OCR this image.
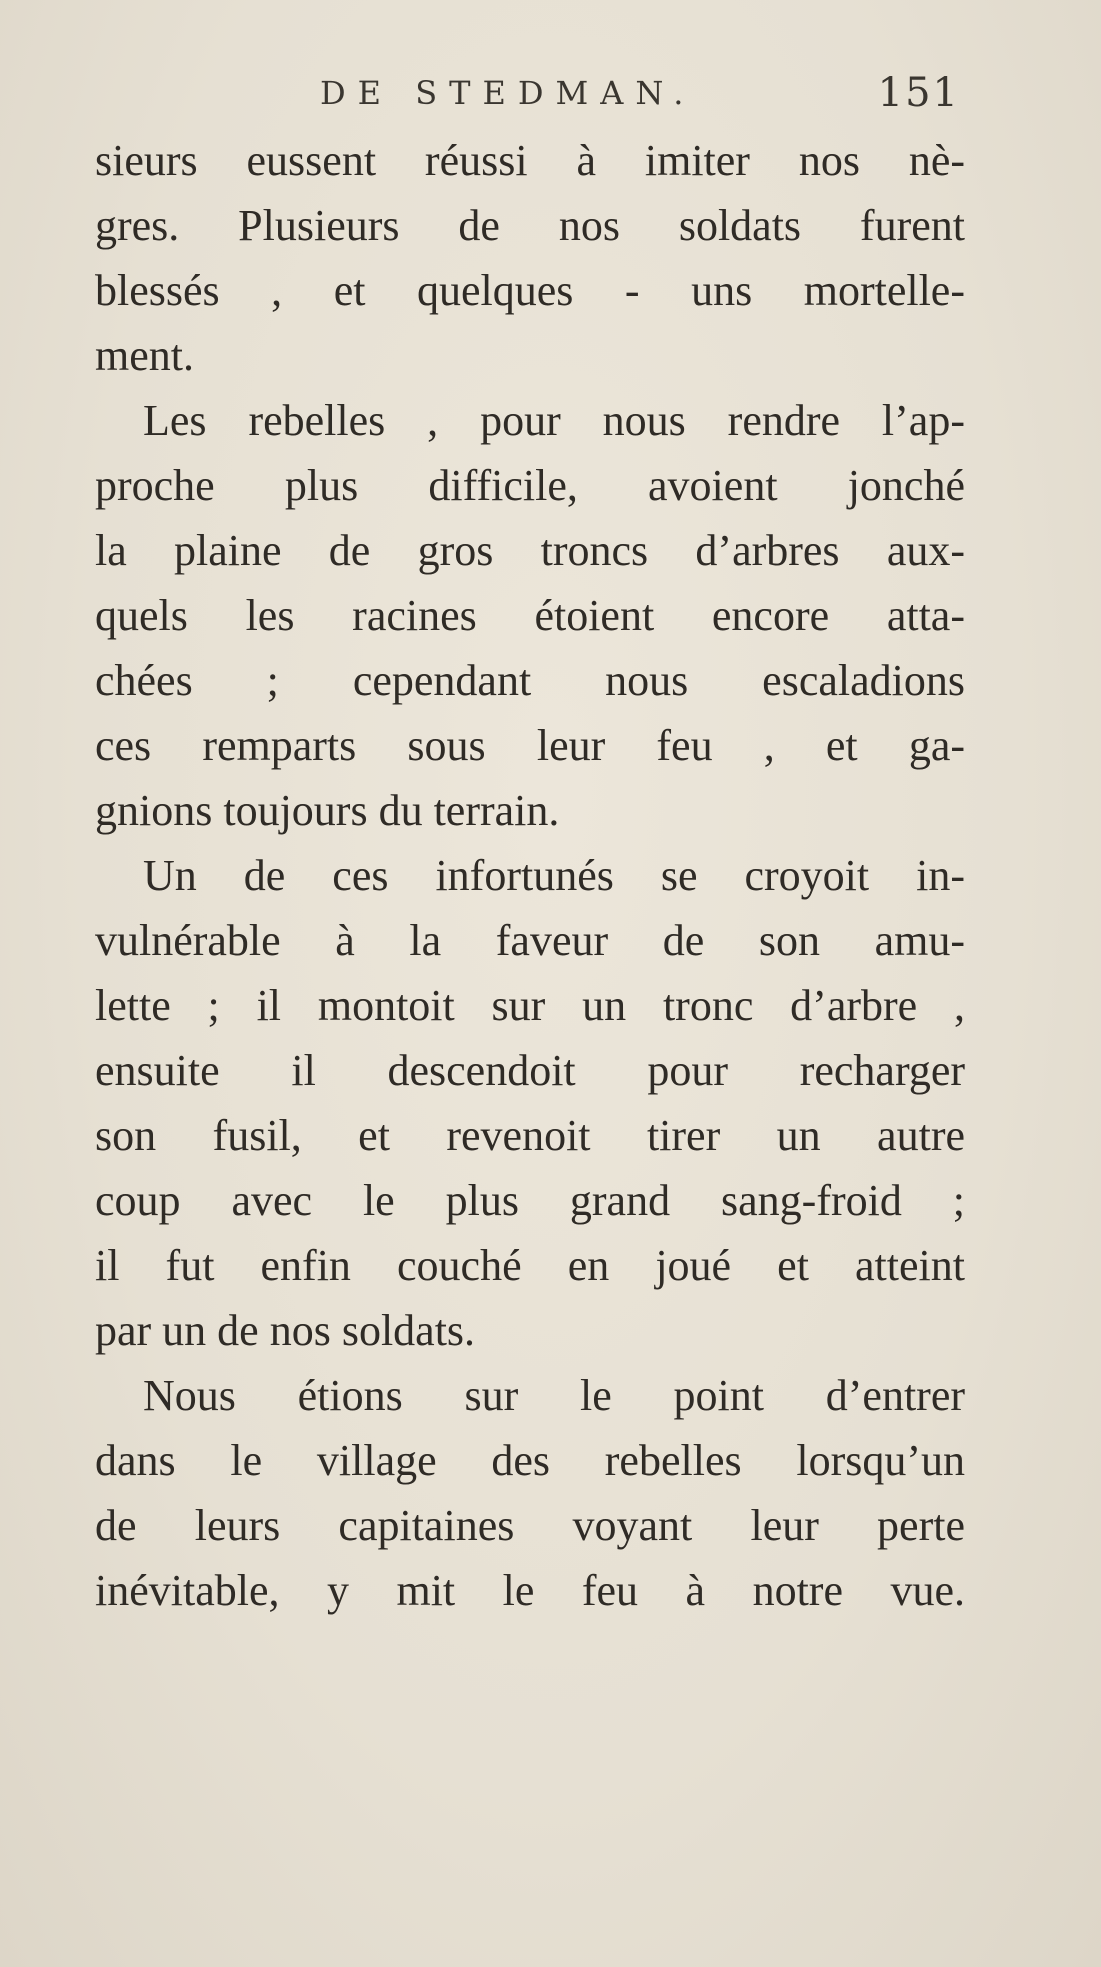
DE STEDMAN.	151
sieurs eussent réussi à imiter nos nè-
gres. Plusieurs de nos soldats furent
blessés , et quelques - uns mortelle-
ment.
Les rebelles , pour nous rendre l’ap-
proche plus difficile, avoient jonché
la plaine de gros troncs d’arbres aux-
quels les racines étoient encore atta-
chées ; cependant nous escaladions
ces remparts sous leur feu , et ga-
gnions toujours du terrain.
Un de ces infortunés se croyoit in-
vulnérable à la faveur de son amu-
lette ; il montoit sur un tronc d’arbre ,
ensuite il descendoit pour recharger
son fusil, et revenoit tirer un autre
coup avec le plus grand sang-froid ;
il fut enfin couché en joué et atteint
par un de nos soldats.
Nous étions sur le point d’entrer
dans le village des rebelles lorsqu’un
de leurs capitaines voyant leur perte
inévitable, y mit le feu à notre vue.
